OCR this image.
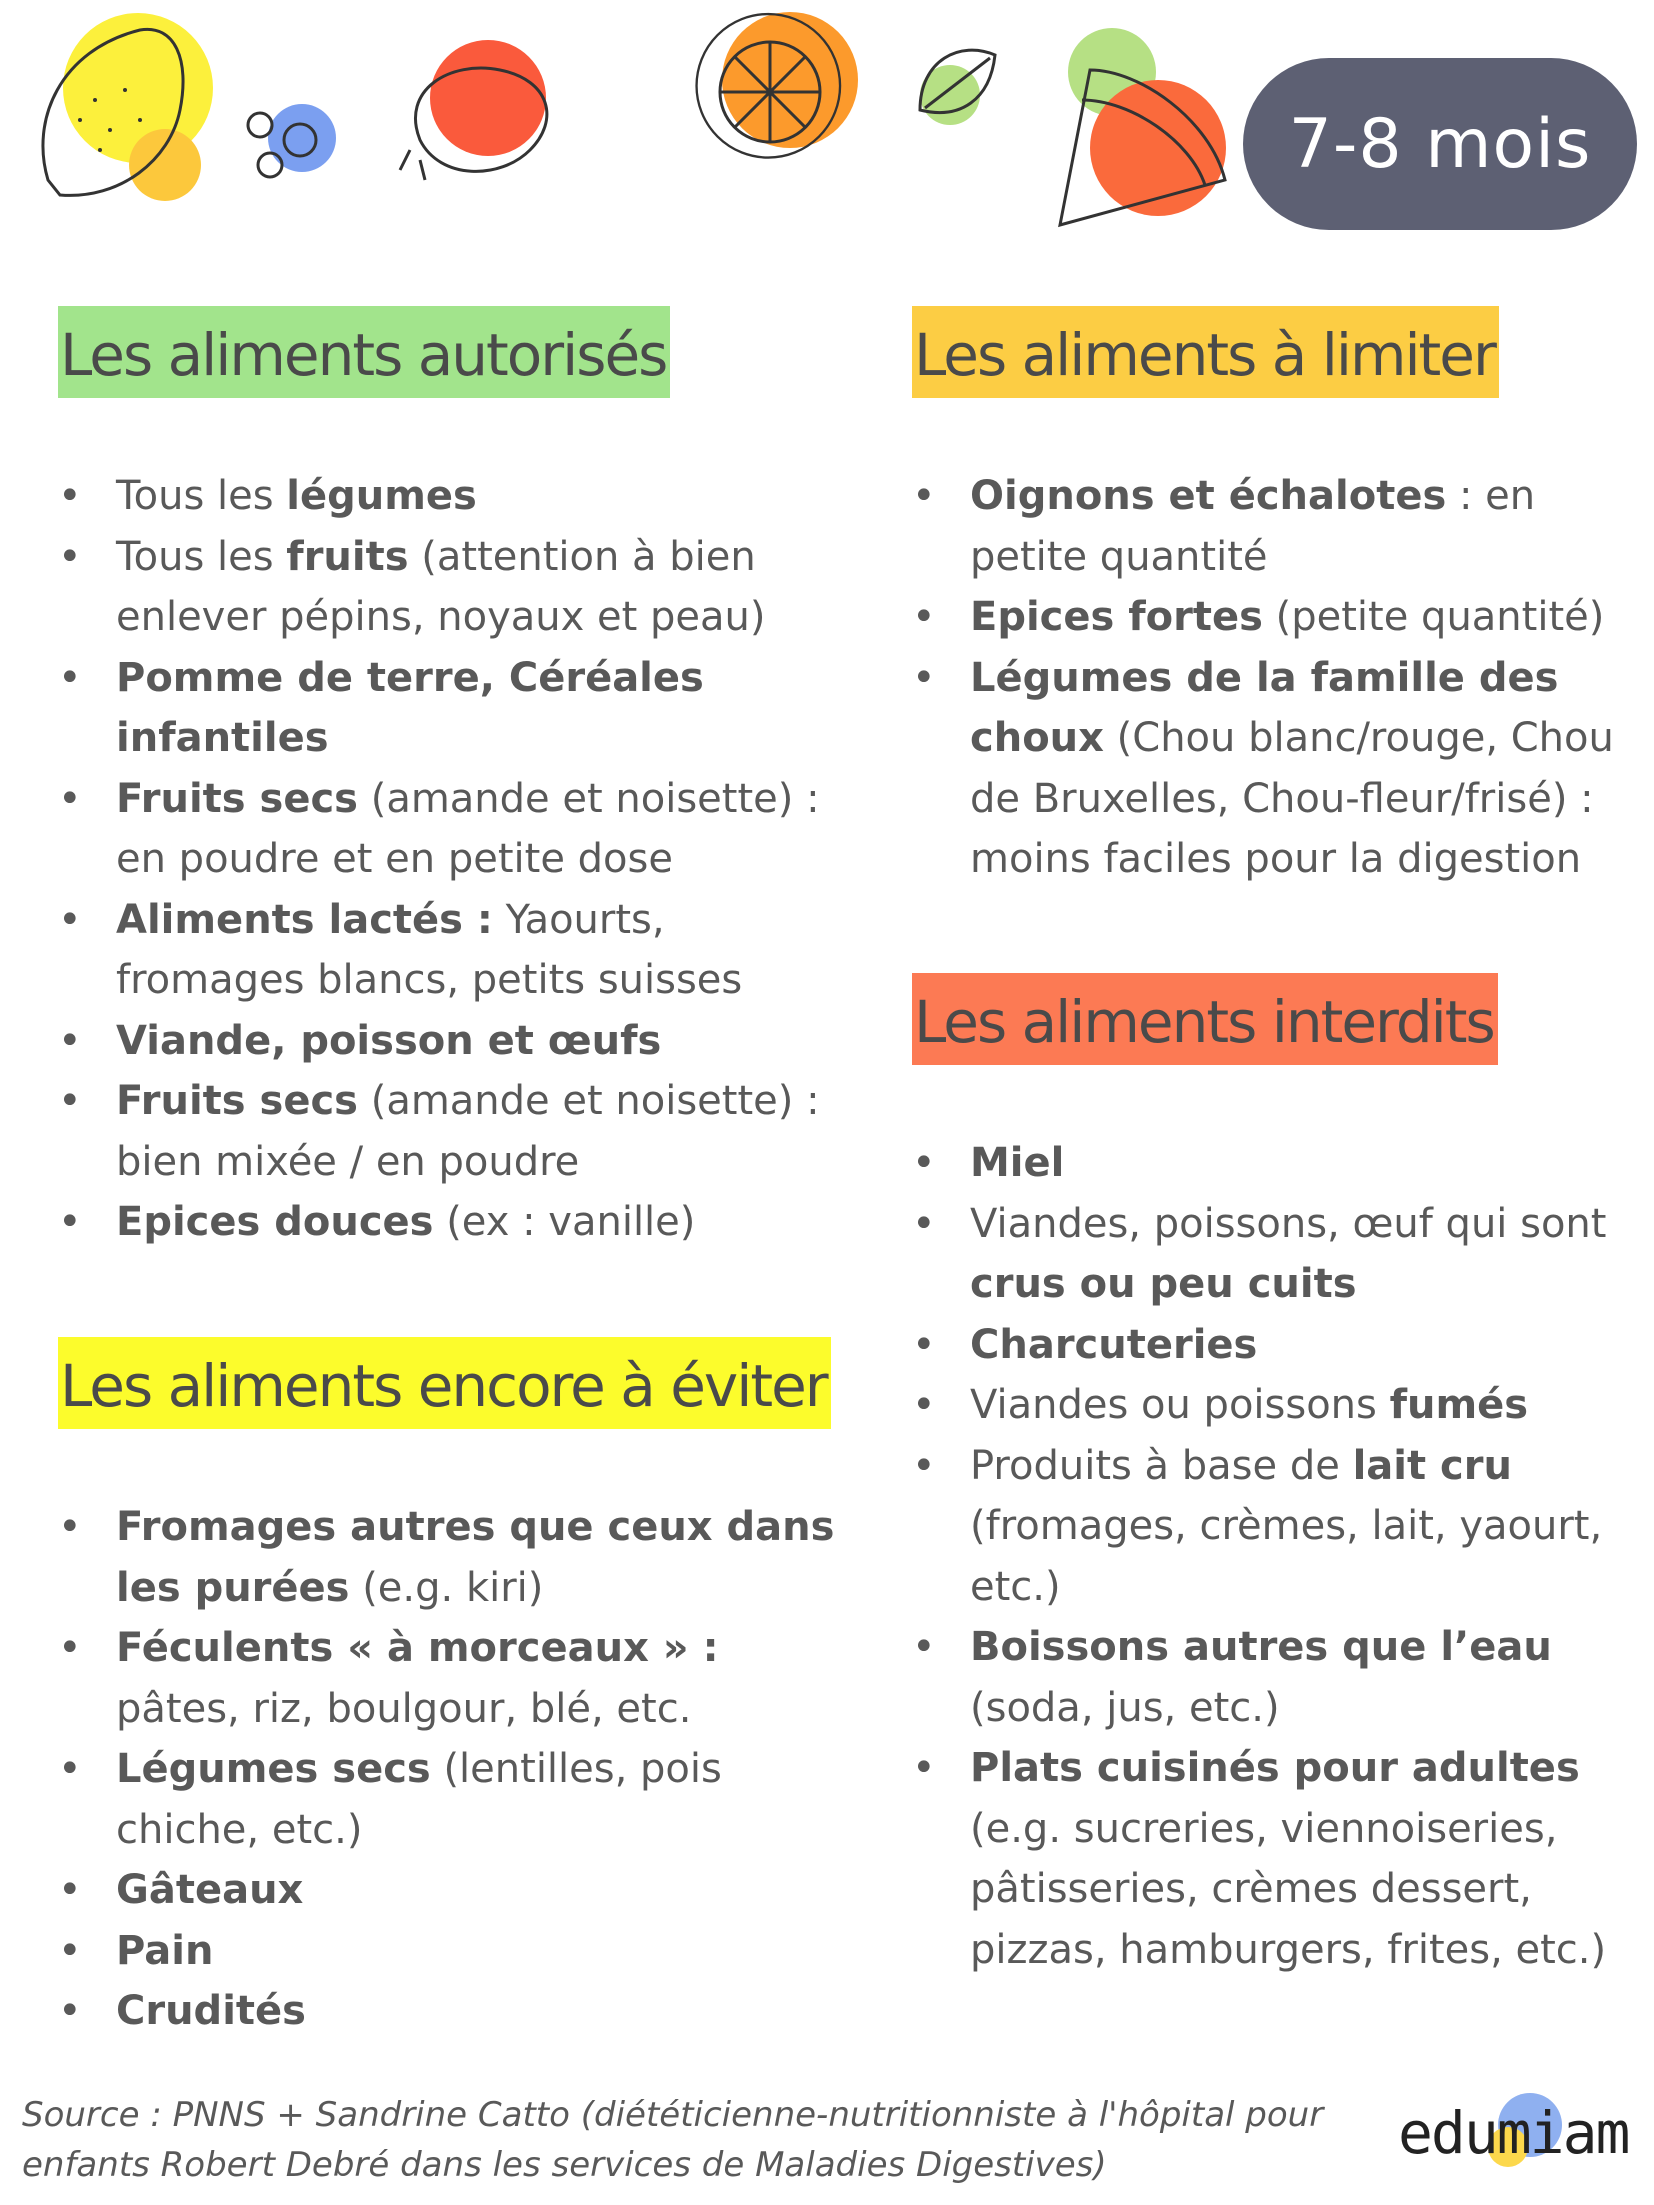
7-8 mois
Les aliments autorisés
• Tous les légumes
• Tous les fruits (attention à bien enlever pépins, noyaux et peau)
• Pomme de terre, Céréales infantiles
• Fruits secs (amande et noisette) : en poudre et en petite dose
• Aliments lactés : Yaourts, fromages blancs, petits suisses
• Viande, poisson et œufs
• Fruits secs (amande et noisette) : bien mixée / en poudre
• Epices douces (ex : vanille)
Les aliments encore à éviter
• Fromages autres que ceux dans les purées (e.g. kiri)
• Féculents « à morceaux » : pâtes, riz, boulgour, blé, etc.
• Légumes secs (lentilles, pois chiche, etc.)
• Gâteaux
• Pain
• Crudités
Les aliments à limiter
• Oignons et échalotes : en petite quantité
• Epices fortes (petite quantité)
• Légumes de la famille des choux (Chou blanc/rouge, Chou de Bruxelles, Chou-fleur/frisé) : moins faciles pour la digestion
Les aliments interdits
• Miel
• Viandes, poissons, œuf qui sont crus ou peu cuits
• Charcuteries
• Viandes ou poissons fumés
• Produits à base de lait cru (fromages, crèmes, lait, yaourt, etc.)
• Boissons autres que l’eau (soda, jus, etc.)
• Plats cuisinés pour adultes (e.g. sucreries, viennoiseries, pâtisseries, crèmes dessert, pizzas, hamburgers, frites, etc.)
Source : PNNS + Sandrine Catto (diététicienne-nutritionniste à l'hôpital pour enfants Robert Debré dans les services de Maladies Digestives)	edumiam
